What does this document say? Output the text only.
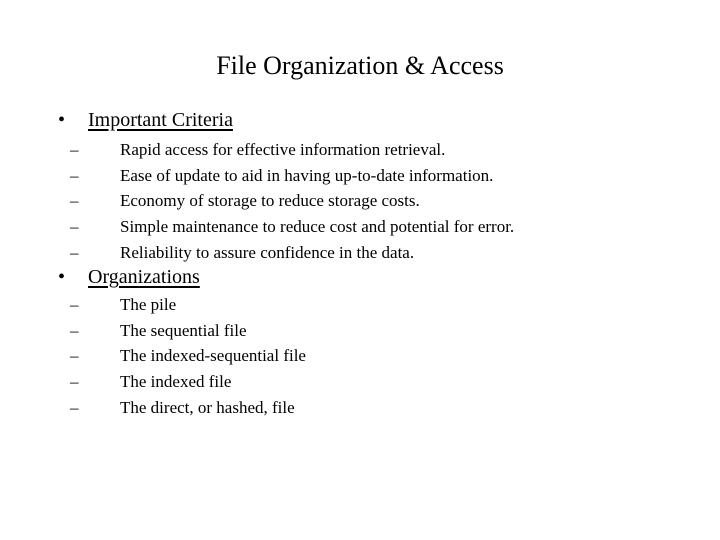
File Organization & Access
•	Important Criteria
– Rapid access for effective information retrieval.
– Ease of update to aid in having up-to-date information.
– Economy of storage to reduce storage costs.
– Simple maintenance to reduce cost and potential for error.
– Reliability to assure confidence in the data.
•	Organizations
– The pile
– The sequential file
– The indexed-sequential file
– The indexed file
– The direct, or hashed, file
